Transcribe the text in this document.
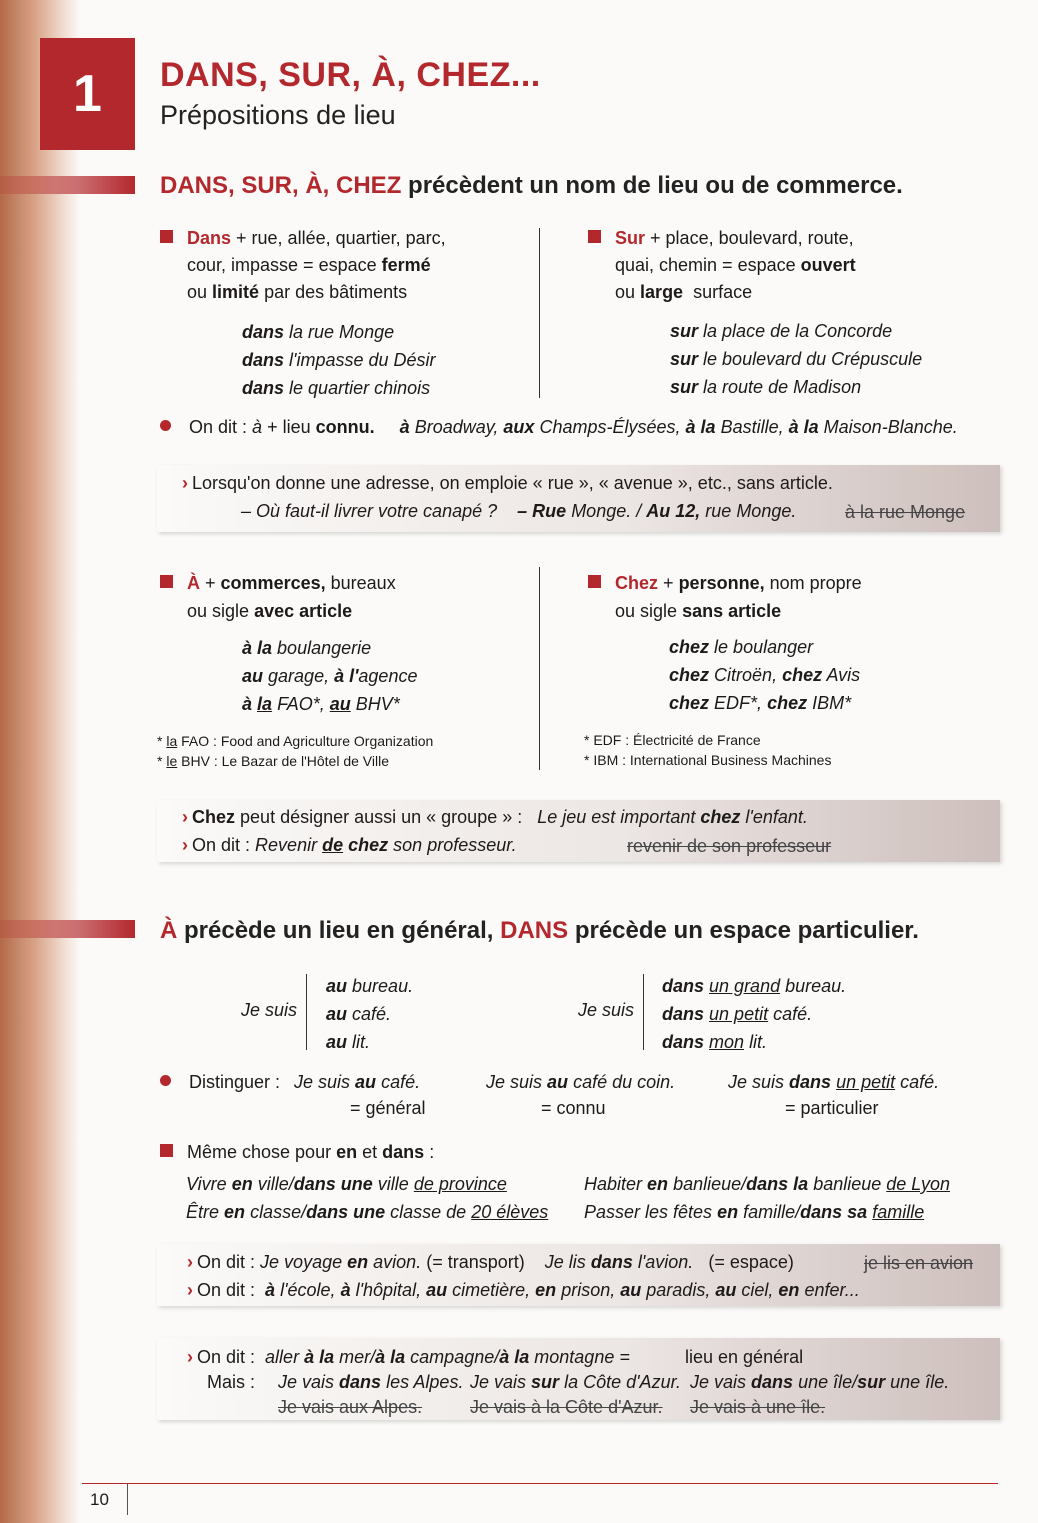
1	DANS, SUR, À, CHEZ...
Prépositions de lieu
DANS, SUR, À, CHEZ précèdent un nom de lieu ou de commerce.
Dans + rue, allée, quartier, parc,
cour, impasse = espace fermé
ou limité par des bâtiments
dans la rue Monge
dans l'impasse du Désir
dans le quartier chinois
Sur + place, boulevard, route,
quai, chemin = espace ouvert
ou large surface
sur la place de la Concorde
sur le boulevard du Crépuscule
sur la route de Madison
On dit : à + lieu connu. à Broadway, aux Champs-Élysées, à la Bastille, à la Maison-Blanche.
› Lorsqu'on donne une adresse, on emploie « rue », « avenue », etc., sans article.
– Où faut-il livrer votre canapé ? – Rue Monge. / Au 12, rue Monge.	à la rue Monge
À + commerces, bureaux
ou sigle avec article
à la boulangerie
au garage, à l'agence
à la FAO*, au BHV*
* la FAO : Food and Agriculture Organization
* le BHV : Le Bazar de l'Hôtel de Ville
Chez + personne, nom propre
ou sigle sans article
chez le boulanger
chez Citroën, chez Avis
chez EDF*, chez IBM*
* EDF : Électricité de France
* IBM : International Business Machines
› Chez peut désigner aussi un « groupe » : Le jeu est important chez l'enfant.
› On dit : Revenir de chez son professeur.	revenir de son professeur
À précède un lieu en général, DANS précède un espace particulier.
Je suis
au bureau.
au café.
au lit.
Je suis
dans un grand bureau.
dans un petit café.
dans mon lit.
Distinguer : Je suis au café.
= général
Je suis au café du coin.
= connu
Je suis dans un petit café.
= particulier
Même chose pour en et dans :
Vivre en ville/dans une ville de province
Être en classe/dans une classe de 20 élèves
Habiter en banlieue/dans la banlieue de Lyon
Passer les fêtes en famille/dans sa famille
› On dit : Je voyage en avion. (= transport) Je lis dans l'avion. (= espace)	je lis en avion
› On dit : à l'école, à l'hôpital, au cimetière, en prison, au paradis, au ciel, en enfer...
› On dit : aller à la mer/à la campagne/à la montagne =	lieu en général
Mais : Je vais dans les Alpes. Je vais sur la Côte d'Azur. Je vais dans une île/sur une île.
Je vais aux Alpes.	Je vais à la Côte d'Azur. Je vais à une île.
10
